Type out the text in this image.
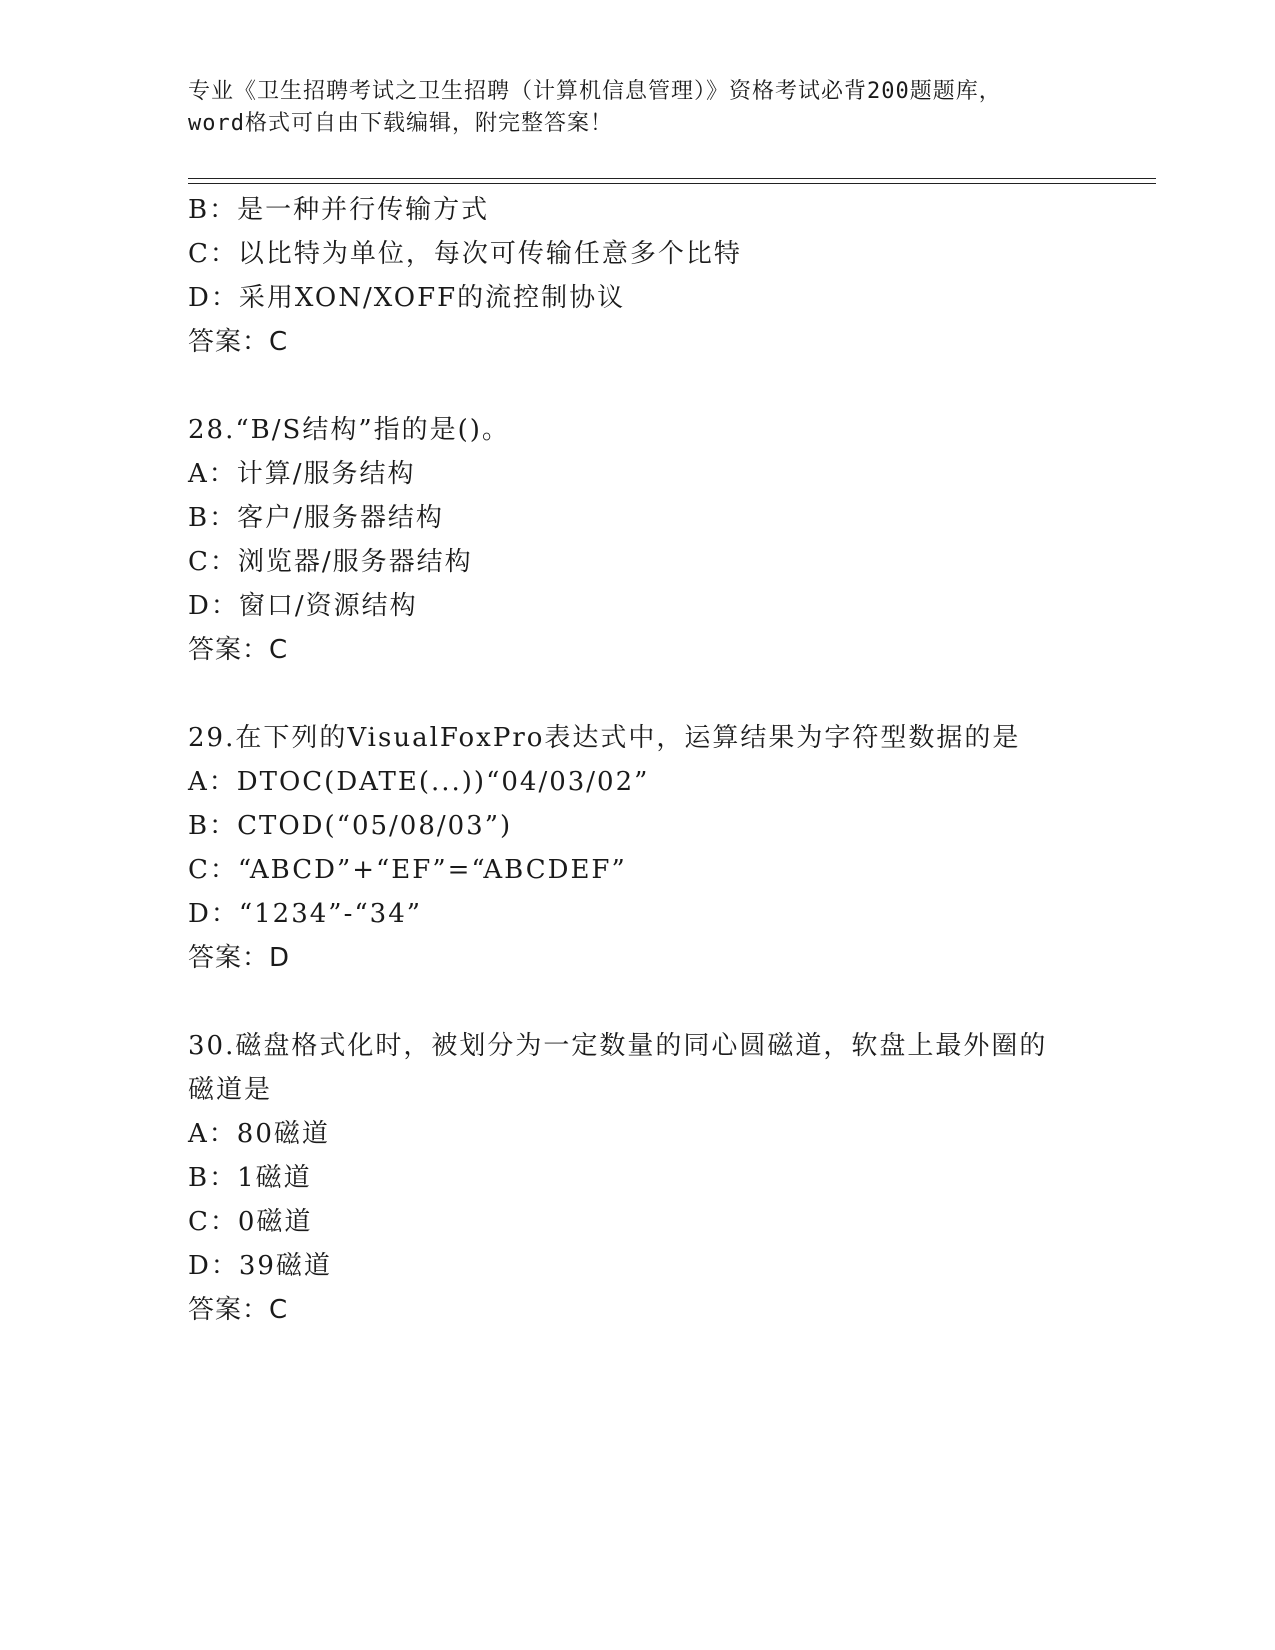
专业《卫生招聘考试之卫生招聘（计算机信息管理）》资格考试必背200题题库，
word格式可自由下载编辑，附完整答案！
B：是一种并行传输方式
C：以比特为单位，每次可传输任意多个比特
D：采用XON/XOFF的流控制协议
答案：C
28.“B/S结构”指的是()。
A：计算/服务结构
B：客户/服务器结构
C：浏览器/服务器结构
D：窗口/资源结构
答案：C
29.在下列的VisualFoxPro表达式中，运算结果为字符型数据的是
A：DTOC(DATE(...))“04/03/02”
B：CTOD(“05/08/03”)
C：“ABCD”+“EF”=“ABCDEF”
D：“1234”-“34”
答案：D
30.磁盘格式化时，被划分为一定数量的同心圆磁道，软盘上最外圈的
磁道是
A：80磁道
B：1磁道
C：0磁道
D：39磁道
答案：C
